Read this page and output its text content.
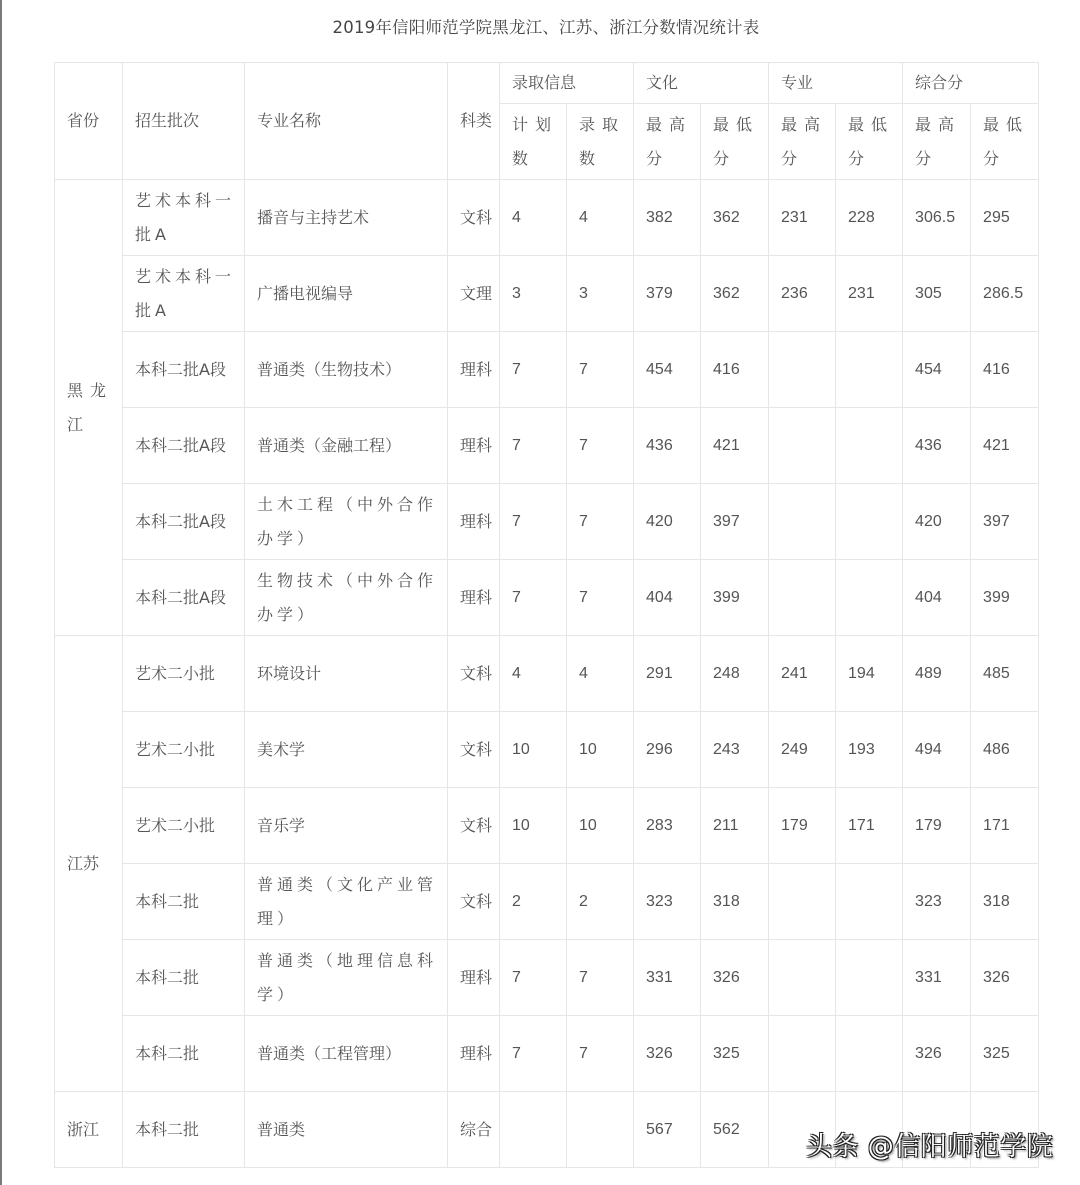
2019年信阳师范学院黑龙江、江苏、浙江分数情况统计表
省份	招生批次	专业名称	科类	录取信息		文化		专业		综合分	
				计划数	录取数	最高分	最低分	最高分	最低分	最高分	最低分
黑龙江	艺术本科一批A	播音与主持艺术	文科	4	4	382	362	231	228	306.5	295
	艺术本科一批A	广播电视编导	文理	3	3	379	362	236	231	305	286.5
	本科二批A段	普通类（生物技术）	理科	7	7	454	416			454	416
	本科二批A段	普通类（金融工程）	理科	7	7	436	421			436	421
	本科二批A段	土木工程（中外合作办学）	理科	7	7	420	397			420	397
	本科二批A段	生物技术（中外合作办学）	理科	7	7	404	399			404	399
江苏	艺术二小批	环境设计	文科	4	4	291	248	241	194	489	485
	艺术二小批	美术学	文科	10	10	296	243	249	193	494	486
	艺术二小批	音乐学	文科	10	10	283	211	179	171	179	171
	本科二批	普通类（文化产业管理）	文科	2	2	323	318			323	318
	本科二批	普通类（地理信息科学）	理科	7	7	331	326			331	326
	本科二批	普通类（工程管理）	理科	7	7	326	325			326	325
浙江	本科二批	普通类	综合			567	562				
头条 @信阳师范学院
